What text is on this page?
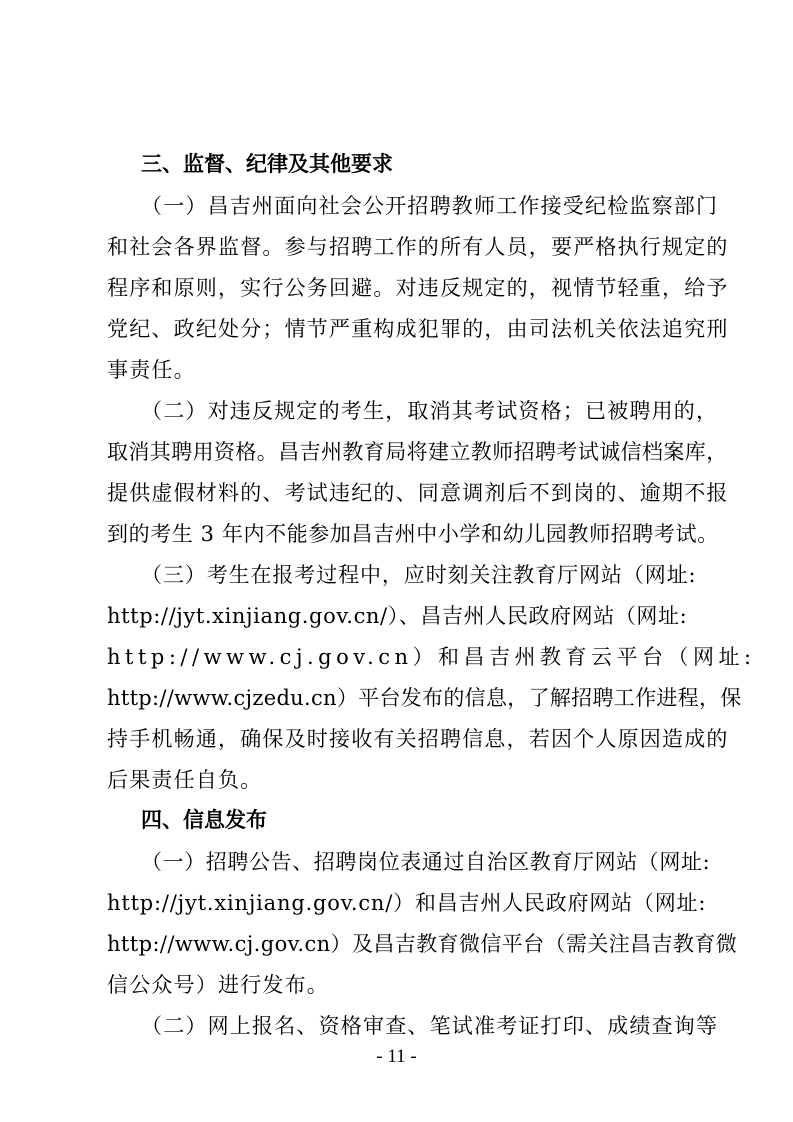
三、监督、纪律及其他要求
（一）昌吉州面向社会公开招聘教师工作接受纪检监察部门
和社会各界监督。参与招聘工作的所有人员，要严格执行规定的
程序和原则，实行公务回避。对违反规定的，视情节轻重，给予
党纪、政纪处分；情节严重构成犯罪的，由司法机关依法追究刑
事责任。
（二）对违反规定的考生，取消其考试资格；已被聘用的，
取消其聘用资格。昌吉州教育局将建立教师招聘考试诚信档案库，
提供虚假材料的、考试违纪的、同意调剂后不到岗的、逾期不报
到的考生 3 年内不能参加昌吉州中小学和幼儿园教师招聘考试。
（三）考生在报考过程中，应时刻关注教育厅网站（网址:
http://jyt.xinjiang.gov.cn/）、昌吉州人民政府网站（网址:
http://www.cj.gov.cn）和昌吉州教育云平台（网址:
http://www.cjzedu.cn）平台发布的信息，了解招聘工作进程，保
持手机畅通，确保及时接收有关招聘信息，若因个人原因造成的
后果责任自负。
四、信息发布
（一）招聘公告、招聘岗位表通过自治区教育厅网站（网址:
http://jyt.xinjiang.gov.cn/）和昌吉州人民政府网站（网址:
http://www.cj.gov.cn）及昌吉教育微信平台（需关注昌吉教育微
信公众号）进行发布。
（二）网上报名、资格审查、笔试准考证打印、成绩查询等
- 11 -
